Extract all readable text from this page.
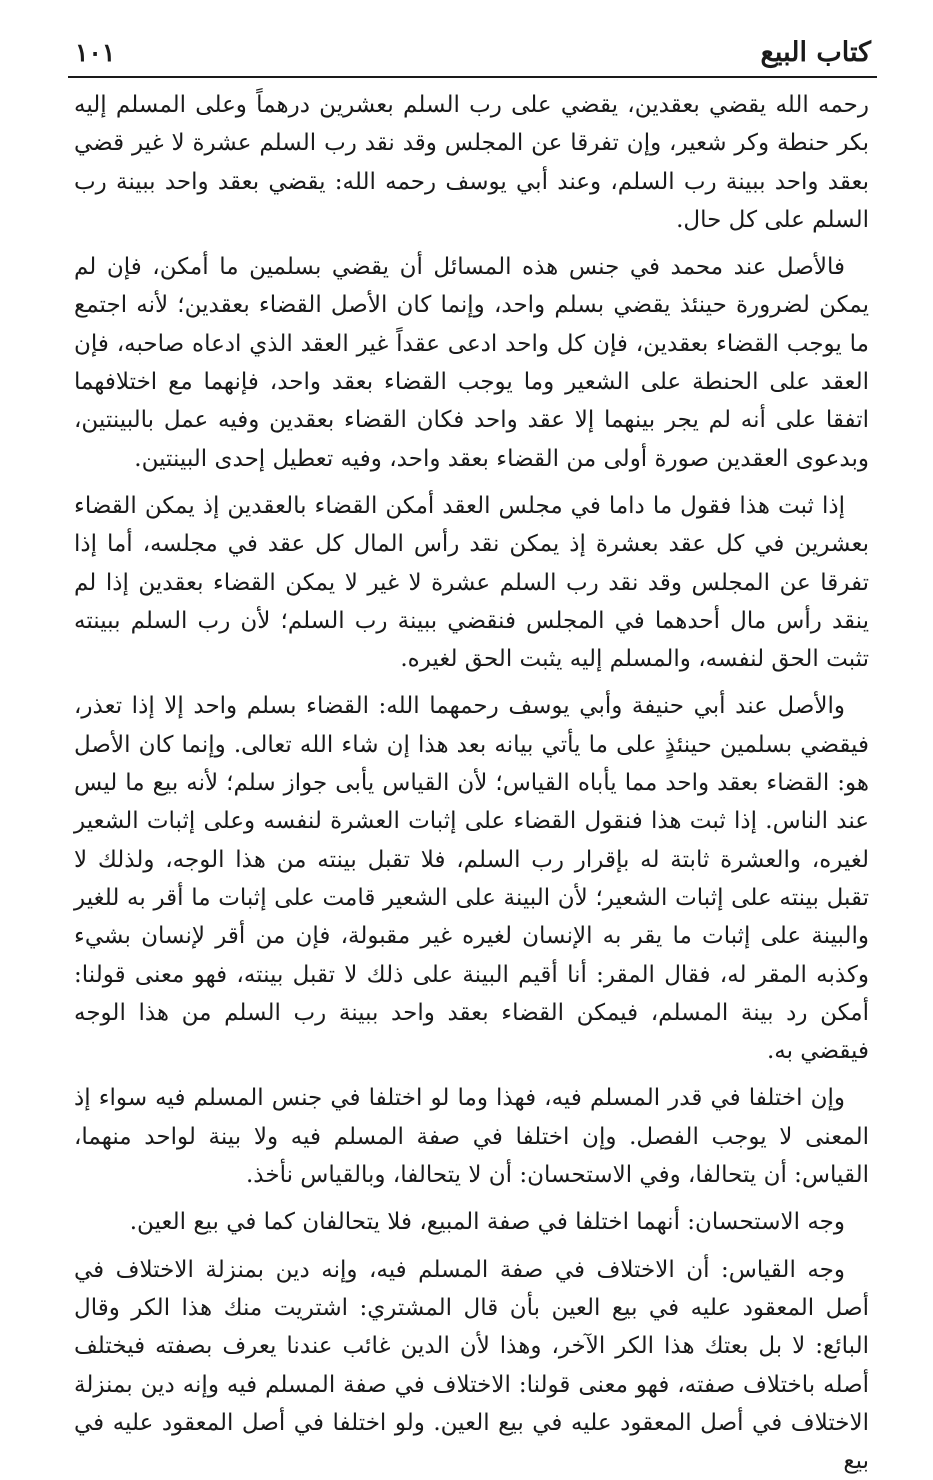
كتاب البيع
١٠١

رحمه الله يقضي بعقدين، يقضي على رب السلم بعشرين درهماً وعلى المسلم إليه بكر حنطة وكر شعير، وإن تفرقا عن المجلس وقد نقد رب السلم عشرة لا غير قضي بعقد واحد ببينة رب السلم، وعند أبي يوسف رحمه الله: يقضي بعقد واحد ببينة رب السلم على كل حال.

فالأصل عند محمد في جنس هذه المسائل أن يقضي بسلمين ما أمكن، فإن لم يمكن لضرورة حينئذ يقضي بسلم واحد، وإنما كان الأصل القضاء بعقدين؛ لأنه اجتمع ما يوجب القضاء بعقدين، فإن كل واحد ادعى عقداً غير العقد الذي ادعاه صاحبه، فإن العقد على الحنطة على الشعير وما يوجب القضاء بعقد واحد، فإنهما مع اختلافهما اتفقا على أنه لم يجر بينهما إلا عقد واحد فكان القضاء بعقدين وفيه عمل بالبينتين، وبدعوى العقدين صورة أولى من القضاء بعقد واحد، وفيه تعطيل إحدى البينتين.

إذا ثبت هذا فقول ما داما في مجلس العقد أمكن القضاء بالعقدين إذ يمكن القضاء بعشرين في كل عقد بعشرة إذ يمكن نقد رأس المال كل عقد في مجلسه، أما إذا تفرقا عن المجلس وقد نقد رب السلم عشرة لا غير لا يمكن القضاء بعقدين إذا لم ينقد رأس مال أحدهما في المجلس فنقضي ببينة رب السلم؛ لأن رب السلم ببينته تثبت الحق لنفسه، والمسلم إليه يثبت الحق لغيره.

والأصل عند أبي حنيفة وأبي يوسف رحمهما الله: القضاء بسلم واحد إلا إذا تعذر، فيقضي بسلمين حينئذٍ على ما يأتي بيانه بعد هذا إن شاء الله تعالى. وإنما كان الأصل هو: القضاء بعقد واحد مما يأباه القياس؛ لأن القياس يأبى جواز سلم؛ لأنه بيع ما ليس عند الناس. إذا ثبت هذا فنقول القضاء على إثبات العشرة لنفسه وعلى إثبات الشعير لغيره، والعشرة ثابتة له بإقرار رب السلم، فلا تقبل بينته من هذا الوجه، ولذلك لا تقبل بينته على إثبات الشعير؛ لأن البينة على الشعير قامت على إثبات ما أقر به للغير والبينة على إثبات ما يقر به الإنسان لغيره غير مقبولة، فإن من أقر لإنسان بشيء وكذبه المقر له، فقال المقر: أنا أقيم البينة على ذلك لا تقبل بينته، فهو معنى قولنا: أمكن رد بينة المسلم، فيمكن القضاء بعقد واحد ببينة رب السلم من هذا الوجه فيقضي به.

وإن اختلفا في قدر المسلم فيه، فهذا وما لو اختلفا في جنس المسلم فيه سواء إذ المعنى لا يوجب الفصل. وإن اختلفا في صفة المسلم فيه ولا بينة لواحد منهما، القياس: أن يتحالفا، وفي الاستحسان: أن لا يتحالفا، وبالقياس نأخذ.

وجه الاستحسان: أنهما اختلفا في صفة المبيع، فلا يتحالفان كما في بيع العين.

وجه القياس: أن الاختلاف في صفة المسلم فيه، وإنه دين بمنزلة الاختلاف في أصل المعقود عليه في بيع العين بأن قال المشتري: اشتريت منك هذا الكر وقال البائع: لا بل بعتك هذا الكر الآخر، وهذا لأن الدين غائب عندنا يعرف بصفته فيختلف أصله باختلاف صفته، فهو معنى قولنا: الاختلاف في صفة المسلم فيه وإنه دين بمنزلة الاختلاف في أصل المعقود عليه في بيع العين. ولو اختلفا في أصل المعقود عليه في بيع
